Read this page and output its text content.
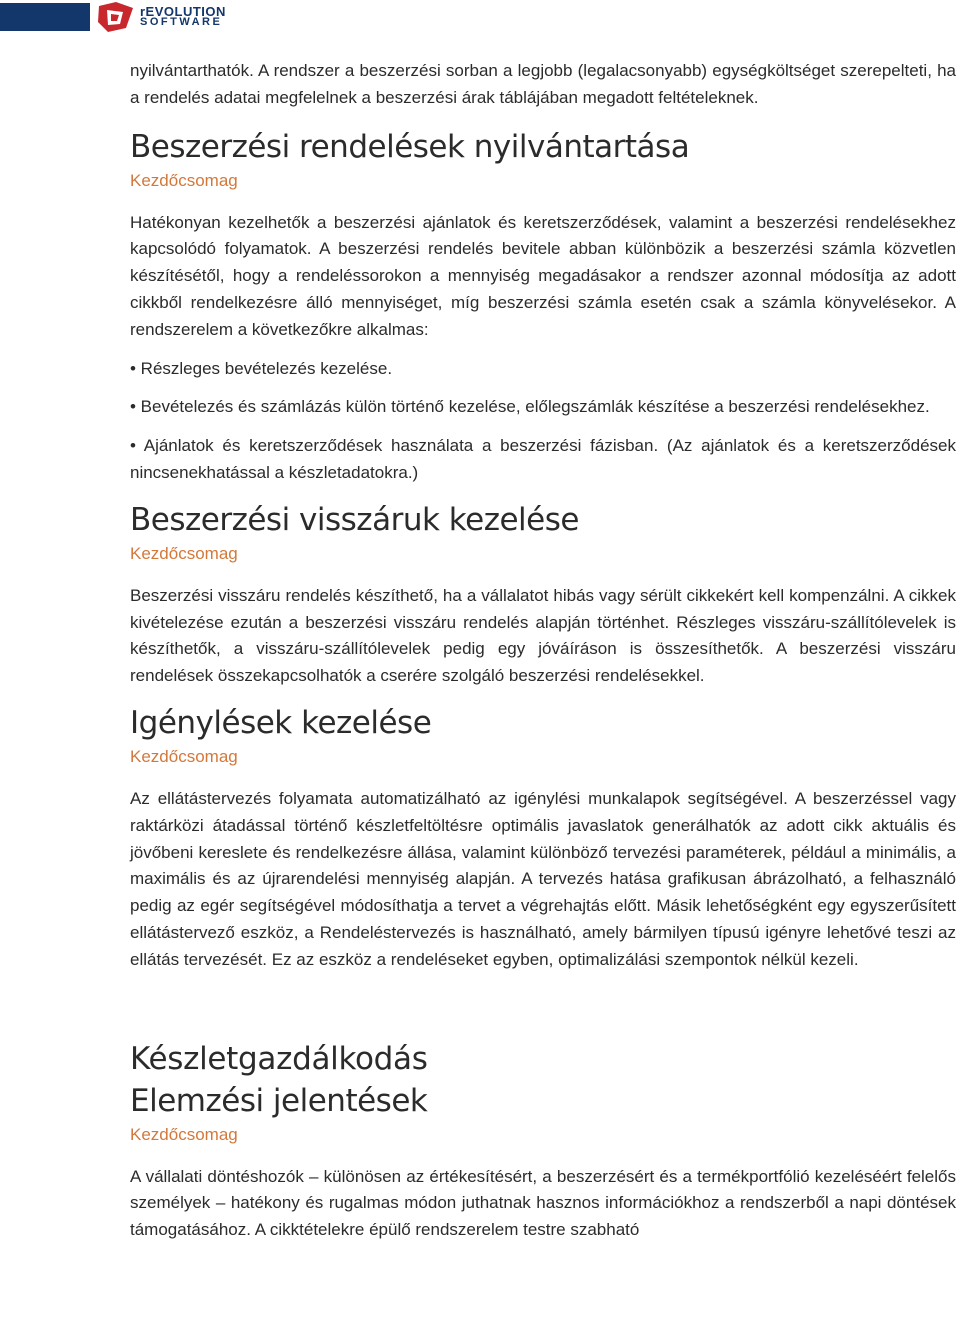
rEVOLUTION
SOFTWARE

nyilvántarthatók. A rendszer a beszerzési sorban a legjobb (legalacsonyabb) egységköltséget szerepelteti, ha a rendelés adatai megfelelnek a beszerzési árak táblájában megadott feltételeknek.

Beszerzési rendelések nyilvántartása
Kezdőcsomag

Hatékonyan kezelhetők a beszerzési ajánlatok és keretszerződések, valamint a beszerzési rendelésekhez kapcsolódó folyamatok. A beszerzési rendelés bevitele abban különbözik a beszerzési számla közvetlen készítésétől, hogy a rendeléssorokon a mennyiség megadásakor a rendszer azonnal módosítja az adott cikkből rendelkezésre álló mennyiséget, míg beszerzési számla esetén csak a számla könyvelésekor. A rendszerelem a következőkre alkalmas:

• Részleges bevételezés kezelése.

• Bevételezés és számlázás külön történő kezelése, előlegszámlák készítése a beszerzési rendelésekhez.

• Ajánlatok és keretszerződések használata a beszerzési fázisban. (Az ajánlatok és a keretszerződések nincsenekhatással a készletadatokra.)

Beszerzési visszáruk kezelése
Kezdőcsomag

Beszerzési visszáru rendelés készíthető, ha a vállalatot hibás vagy sérült cikkekért kell kompenzálni. A cikkek kivételezése ezután a beszerzési visszáru rendelés alapján történhet. Részleges visszáru-szállítólevelek is készíthetők, a visszáru-szállítólevelek pedig egy jóváíráson is összesíthetők. A beszerzési visszáru rendelések összekapcsolhatók a cserére szolgáló beszerzési rendelésekkel.

Igénylések kezelése
Kezdőcsomag

Az ellátástervezés folyamata automatizálható az igénylési munkalapok segítségével. A beszerzéssel vagy raktárközi átadással történő készletfeltöltésre optimális javaslatok generálhatók az adott cikk aktuális és jövőbeni kereslete és rendelkezésre állása, valamint különböző tervezési paraméterek, például a minimális, a maximális és az újrarendelési mennyiség alapján. A tervezés hatása grafikusan ábrázolható, a felhasználó pedig az egér segítségével módosíthatja a tervet a végrehajtás előtt. Másik lehetőségként egy egyszerűsített ellátástervező eszköz, a Rendeléstervezés is használható, amely bármilyen típusú igényre lehetővé teszi az ellátás tervezését. Ez az eszköz a rendeléseket egyben, optimalizálási szempontok nélkül kezeli.

Készletgazdálkodás
Elemzési jelentések
Kezdőcsomag

A vállalati döntéshozók – különösen az értékesítésért, a beszerzésért és a termékportfólió kezeléséért felelős személyek – hatékony és rugalmas módon juthatnak hasznos információkhoz a rendszerből a napi döntések támogatásához. A cikktételekre épülő rendszerelem testre szabható
